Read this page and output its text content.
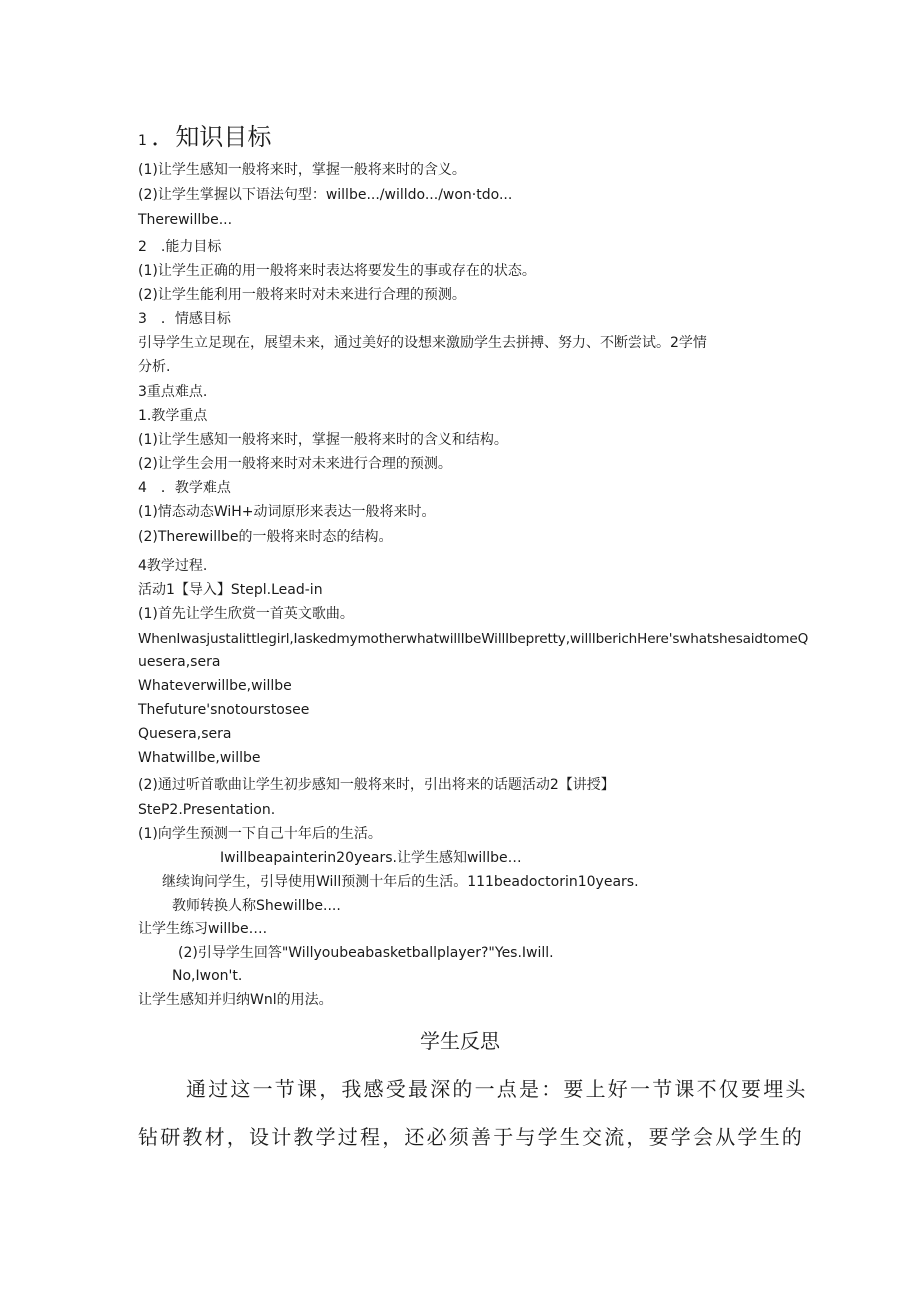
1 ．知识目标
(1)让学生感知一般将来时，掌握一般将来时的含义。
(2)让学生掌握以下语法句型：willbe.../willdo.../won·tdo...
Therewillbe...
2　.能力目标
(1)让学生正确的用一般将来时表达将要发生的事或存在的状态。
(2)让学生能利用一般将来时对未来进行合理的预测。
3　．情感目标
引导学生立足现在，展望未来，通过美好的设想来激励学生去拼搏、努力、不断尝试。2学情
分析.
3重点难点.
1.教学重点
(1)让学生感知一般将来时，掌握一般将来时的含义和结构。
(2)让学生会用一般将来时对未来进行合理的预测。
4　．教学难点
(1)情态动态WiH+动词原形来表达一般将来时。
(2)Therewillbe的一般将来时态的结构。
4教学过程.
活动1【导入】Stepl.Lead-in
(1)首先让学生欣赏一首英文歌曲。
WhenIwasjustalittlegirl,IaskedmymotherwhatwillIbeWillIbepretty,willIberichHere'swhatshesaidtomeQ
uesera,sera
Whateverwillbe,willbe
Thefuture'snotourstosee
Quesera,sera
Whatwillbe,willbe
(2)通过听首歌曲让学生初步感知一般将来时，引出将来的话题活动2【讲授】
SteP2.Presentation.
(1)向学生预测一下自己十年后的生活。
Iwillbeapainterin20years.让学生感知willbe…
继续询问学生，引导使用Will预测十年后的生活。111beadoctorin10years.
教师转换人称Shewillbe....
让学生练习willbe….
(2)引导学生回答"Willyoubeabasketballplayer?"Yes.Iwill.
No,Iwon't.
让学生感知并归纳Wnl的用法。
学生反思
通过这一节课，我感受最深的一点是：要上好一节课不仅要埋头
钻研教材，设计教学过程，还必须善于与学生交流，要学会从学生的
